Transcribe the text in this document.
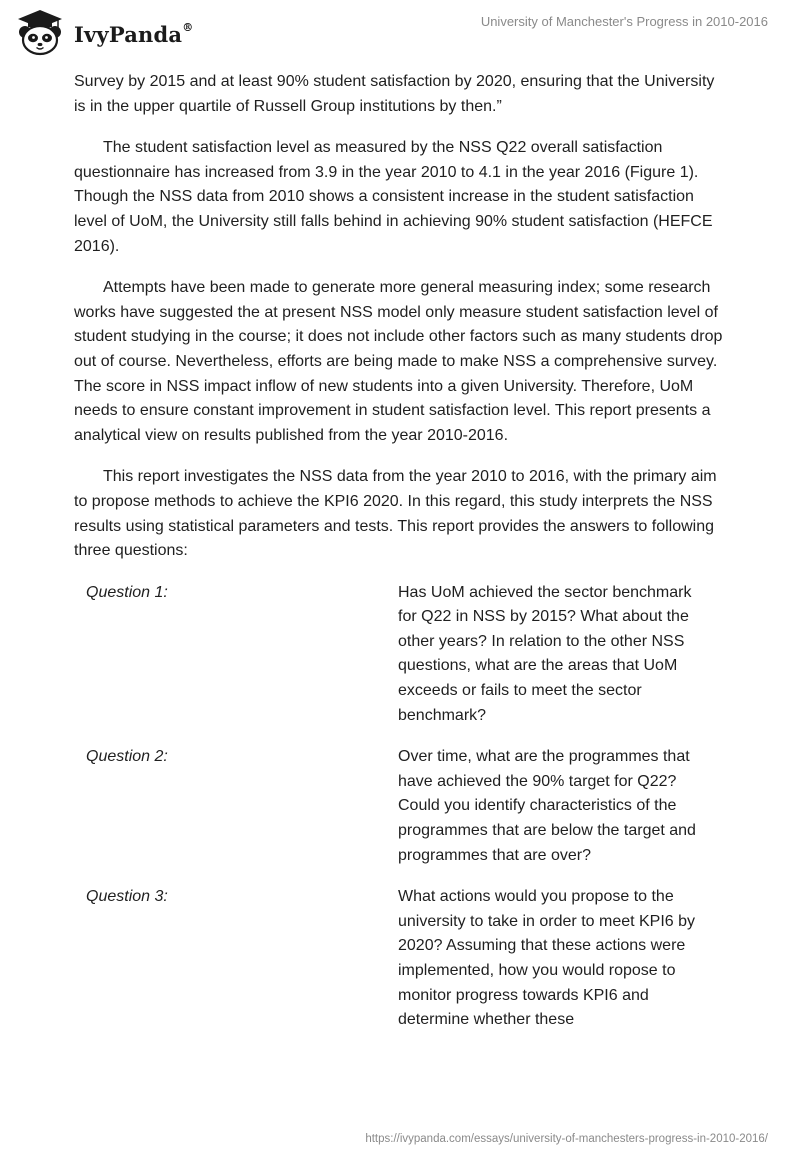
IvyPanda®	University of Manchester's Progress in 2010-2016

Survey by 2015 and at least 90% student satisfaction by 2020, ensuring that the University is in the upper quartile of Russell Group institutions by then.”

The student satisfaction level as measured by the NSS Q22 overall satisfaction questionnaire has increased from 3.9 in the year 2010 to 4.1 in the year 2016 (Figure 1). Though the NSS data from 2010 shows a consistent increase in the student satisfaction level of UoM, the University still falls behind in achieving 90% student satisfaction (HEFCE 2016).

Attempts have been made to generate more general measuring index; some research works have suggested the at present NSS model only measure student satisfaction level of student studying in the course; it does not include other factors such as many students drop out of course. Nevertheless, efforts are being made to make NSS a comprehensive survey. The score in NSS impact inflow of new students into a given University. Therefore, UoM needs to ensure constant improvement in student satisfaction level. This report presents a analytical view on results published from the year 2010-2016.

This report investigates the NSS data from the year 2010 to 2016, with the primary aim to propose methods to achieve the KPI6 2020. In this regard, this study interprets the NSS results using statistical parameters and tests. This report provides the answers to following three questions:

Question 1:	Has UoM achieved the sector benchmark for Q22 in NSS by 2015? What about the other years? In relation to the other NSS questions, what are the areas that UoM exceeds or fails to meet the sector benchmark?
Question 2:	Over time, what are the programmes that have achieved the 90% target for Q22? Could you identify characteristics of the programmes that are below the target and programmes that are over?
Question 3:	What actions would you propose to the university to take in order to meet KPI6 by 2020? Assuming that these actions were implemented, how you would ropose to monitor progress towards KPI6 and determine whether these
https://ivypanda.com/essays/university-of-manchesters-progress-in-2010-2016/
